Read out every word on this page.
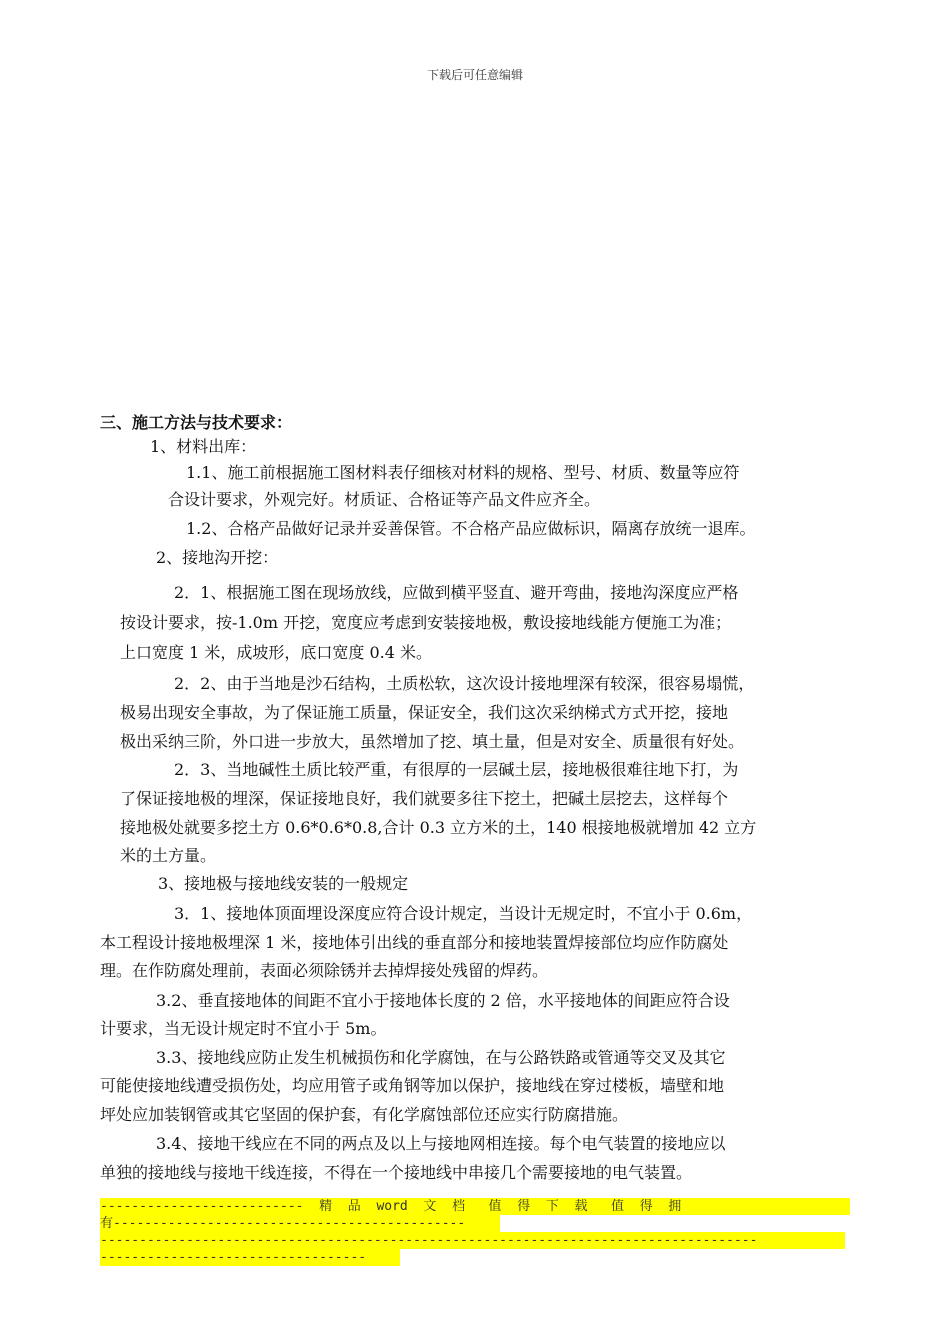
下载后可任意编辑
三、施工方法与技术要求：
1、材料出库：
1.1、施工前根据施工图材料表仔细核对材料的规格、型号、材质、数量等应符
合设计要求，外观完好。材质证、合格证等产品文件应齐全。
1.2、合格产品做好记录并妥善保管。不合格产品应做标识，隔离存放统一退库。
2、接地沟开挖：
2．1、根据施工图在现场放线，应做到横平竖直、避开弯曲，接地沟深度应严格
按设计要求，按-1.0m 开挖，宽度应考虑到安装接地极，敷设接地线能方便施工为准；
上口宽度 1 米，成坡形，底口宽度 0.4 米。
2．2、由于当地是沙石结构，土质松软，这次设计接地埋深有较深，很容易塌慌，
极易出现安全事故，为了保证施工质量，保证安全，我们这次采纳梯式方式开挖，接地
极出采纳三阶，外口进一步放大，虽然增加了挖、填土量，但是对安全、质量很有好处。
2．3、当地碱性土质比较严重，有很厚的一层碱土层，接地极很难往地下打，为
了保证接地极的埋深，保证接地良好，我们就要多往下挖土，把碱土层挖去，这样每个
接地极处就要多挖土方 0.6*0.6*0.8,合计 0.3 立方米的土，140 根接地极就增加 42 立方
米的土方量。
3、接地极与接地线安装的一般规定
3．1、接地体顶面埋设深度应符合设计规定，当设计无规定时，不宜小于 0.6m，
本工程设计接地极埋深 1 米，接地体引出线的垂直部分和接地装置焊接部位均应作防腐处
理。在作防腐处理前，表面必须除锈并去掉焊接处残留的焊药。
3.2、垂直接地体的间距不宜小于接地体长度的 2 倍，水平接地体的间距应符合设
计要求，当无设计规定时不宜小于 5m。
3.3、接地线应防止发生机械损伤和化学腐蚀，在与公路铁路或管通等交叉及其它
可能使接地线遭受损伤处，均应用管子或角钢等加以保护，接地线在穿过楼板，墙壁和地
坪处应加装钢管或其它坚固的保护套，有化学腐蚀部位还应实行防腐措施。
3.4、接地干线应在不同的两点及以上与接地网相连接。每个电气装置的接地应以
单独的接地线与接地干线连接，不得在一个接地线中串接几个需要接地的电气装置。
--------------------------  精  品  word  文  档   值  得  下  载   值  得  拥
有---------------------------------------------
------------------------------------------------------------------------------------
----------------------------------
